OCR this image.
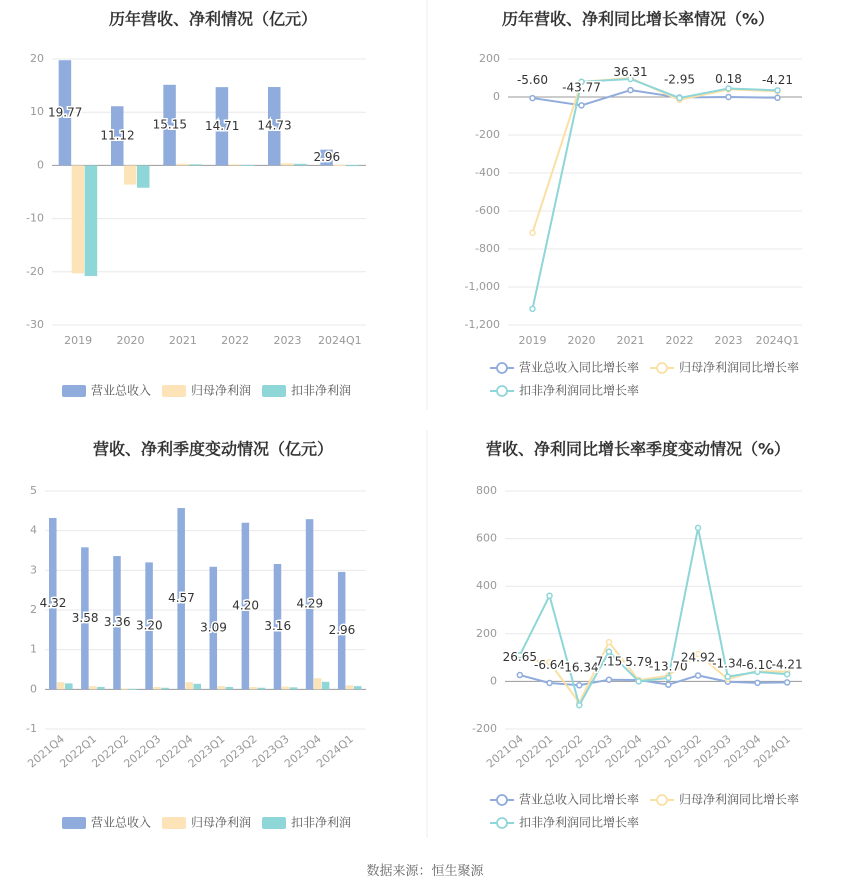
历年营收、净利情况（亿元）
20
10
0
-10
-20
-30
2019 2020 2021 2022 2023 2024Q1
19.77
11.12
15.15 14.71 14.73
2.96
营业总收入	归母净利润	扣非净利润
历年营收、净利同比增长率情况（%）
200
0
-200
-400
-600
-800
-1,000
-1,200
2019 2020 2021 2022 2023 2024Q1
-5.60
-43.77
36.31
-2.95 0.18 -4.21
营业总收入同比增长率	归母净利润同比增长率
扣非净利润同比增长率
营收、净利季度变动情况（亿元）
5
4
3
2
1
0
-1
2021Q4
2022Q1
2022Q2
2022Q3
2022Q4
2023Q1
2023Q2
2023Q3
2023Q4
2024Q1
4.32
3.58 3.36 3.20
4.57
3.09
4.20
3.16
4.29
2.96
营业总收入	归母净利润	扣非净利润
营收、净利同比增长率季度变动情况（%）
800
600
400
200
0
-200
2021Q4
2022Q1
2022Q2
2022Q3
2022Q4
2023Q1
2023Q2
2023Q3
2023Q4
2024Q1
26.65
-6.64
-16.34
7.15 5.79
-13.70
24.92
-1.34
-6.10
-4.21
营业总收入同比增长率	归母净利润同比增长率
扣非净利润同比增长率
数据来源：恒生聚源
